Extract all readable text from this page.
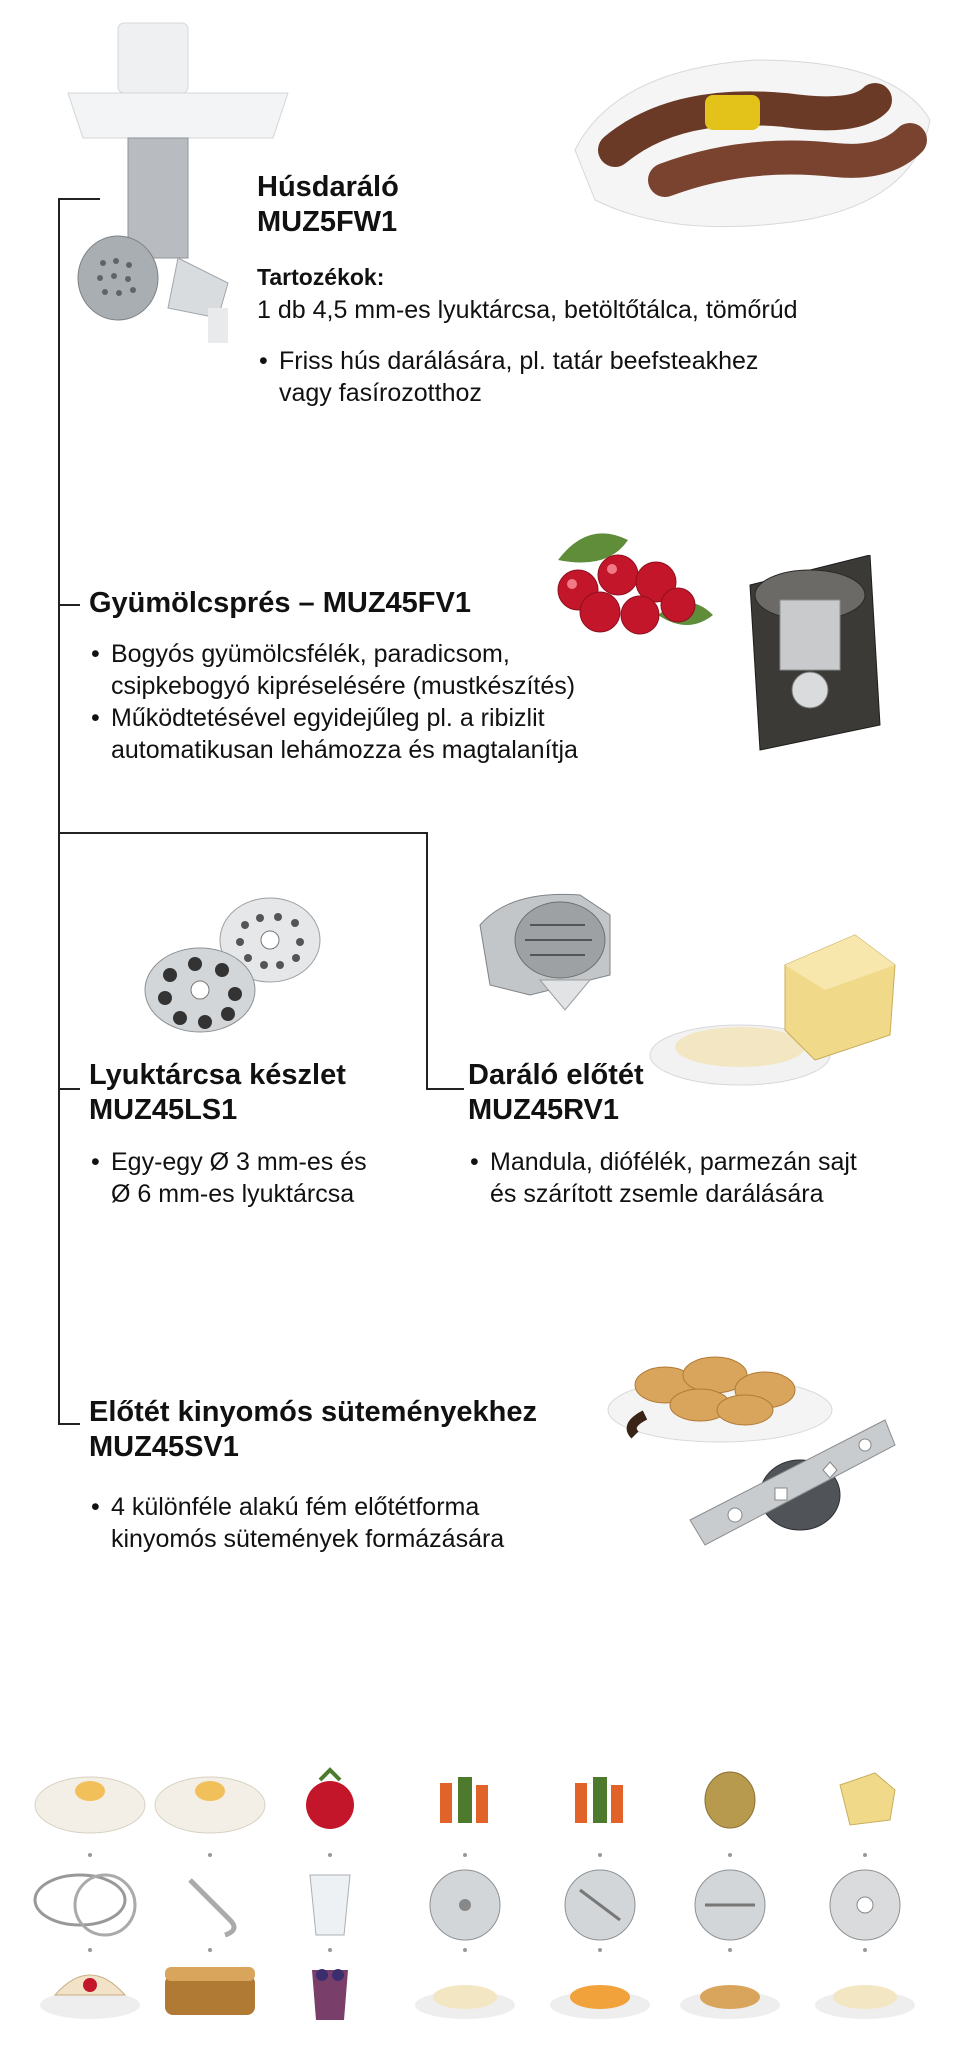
Húsdaráló
MUZ5FW1
Tartozékok:
1 db 4,5 mm-es lyuktárcsa, betöltőtálca, tömőrúd
• Friss hús darálására, pl. tatár beefsteakhez
vagy fasírozotthoz
Gyümölcsprés – MUZ45FV1
• Bogyós gyümölcsfélék, paradicsom,
csipkebogyó kipréselésére (mustkészítés)
• Működtetésével egyidejűleg pl. a ribizlit
automatikusan lehámozza és magtalanítja
Lyuktárcsa készlet
MUZ45LS1
• Egy-egy Ø 3 mm-es és
Ø 6 mm-es lyuktárcsa
Daráló előtét
MUZ45RV1
• Mandula, diófélék, parmezán sajt
és szárított zsemle darálására
Előtét kinyomós süteményekhez
MUZ45SV1
• 4 különféle alakú fém előtétforma
kinyomós sütemények formázására
